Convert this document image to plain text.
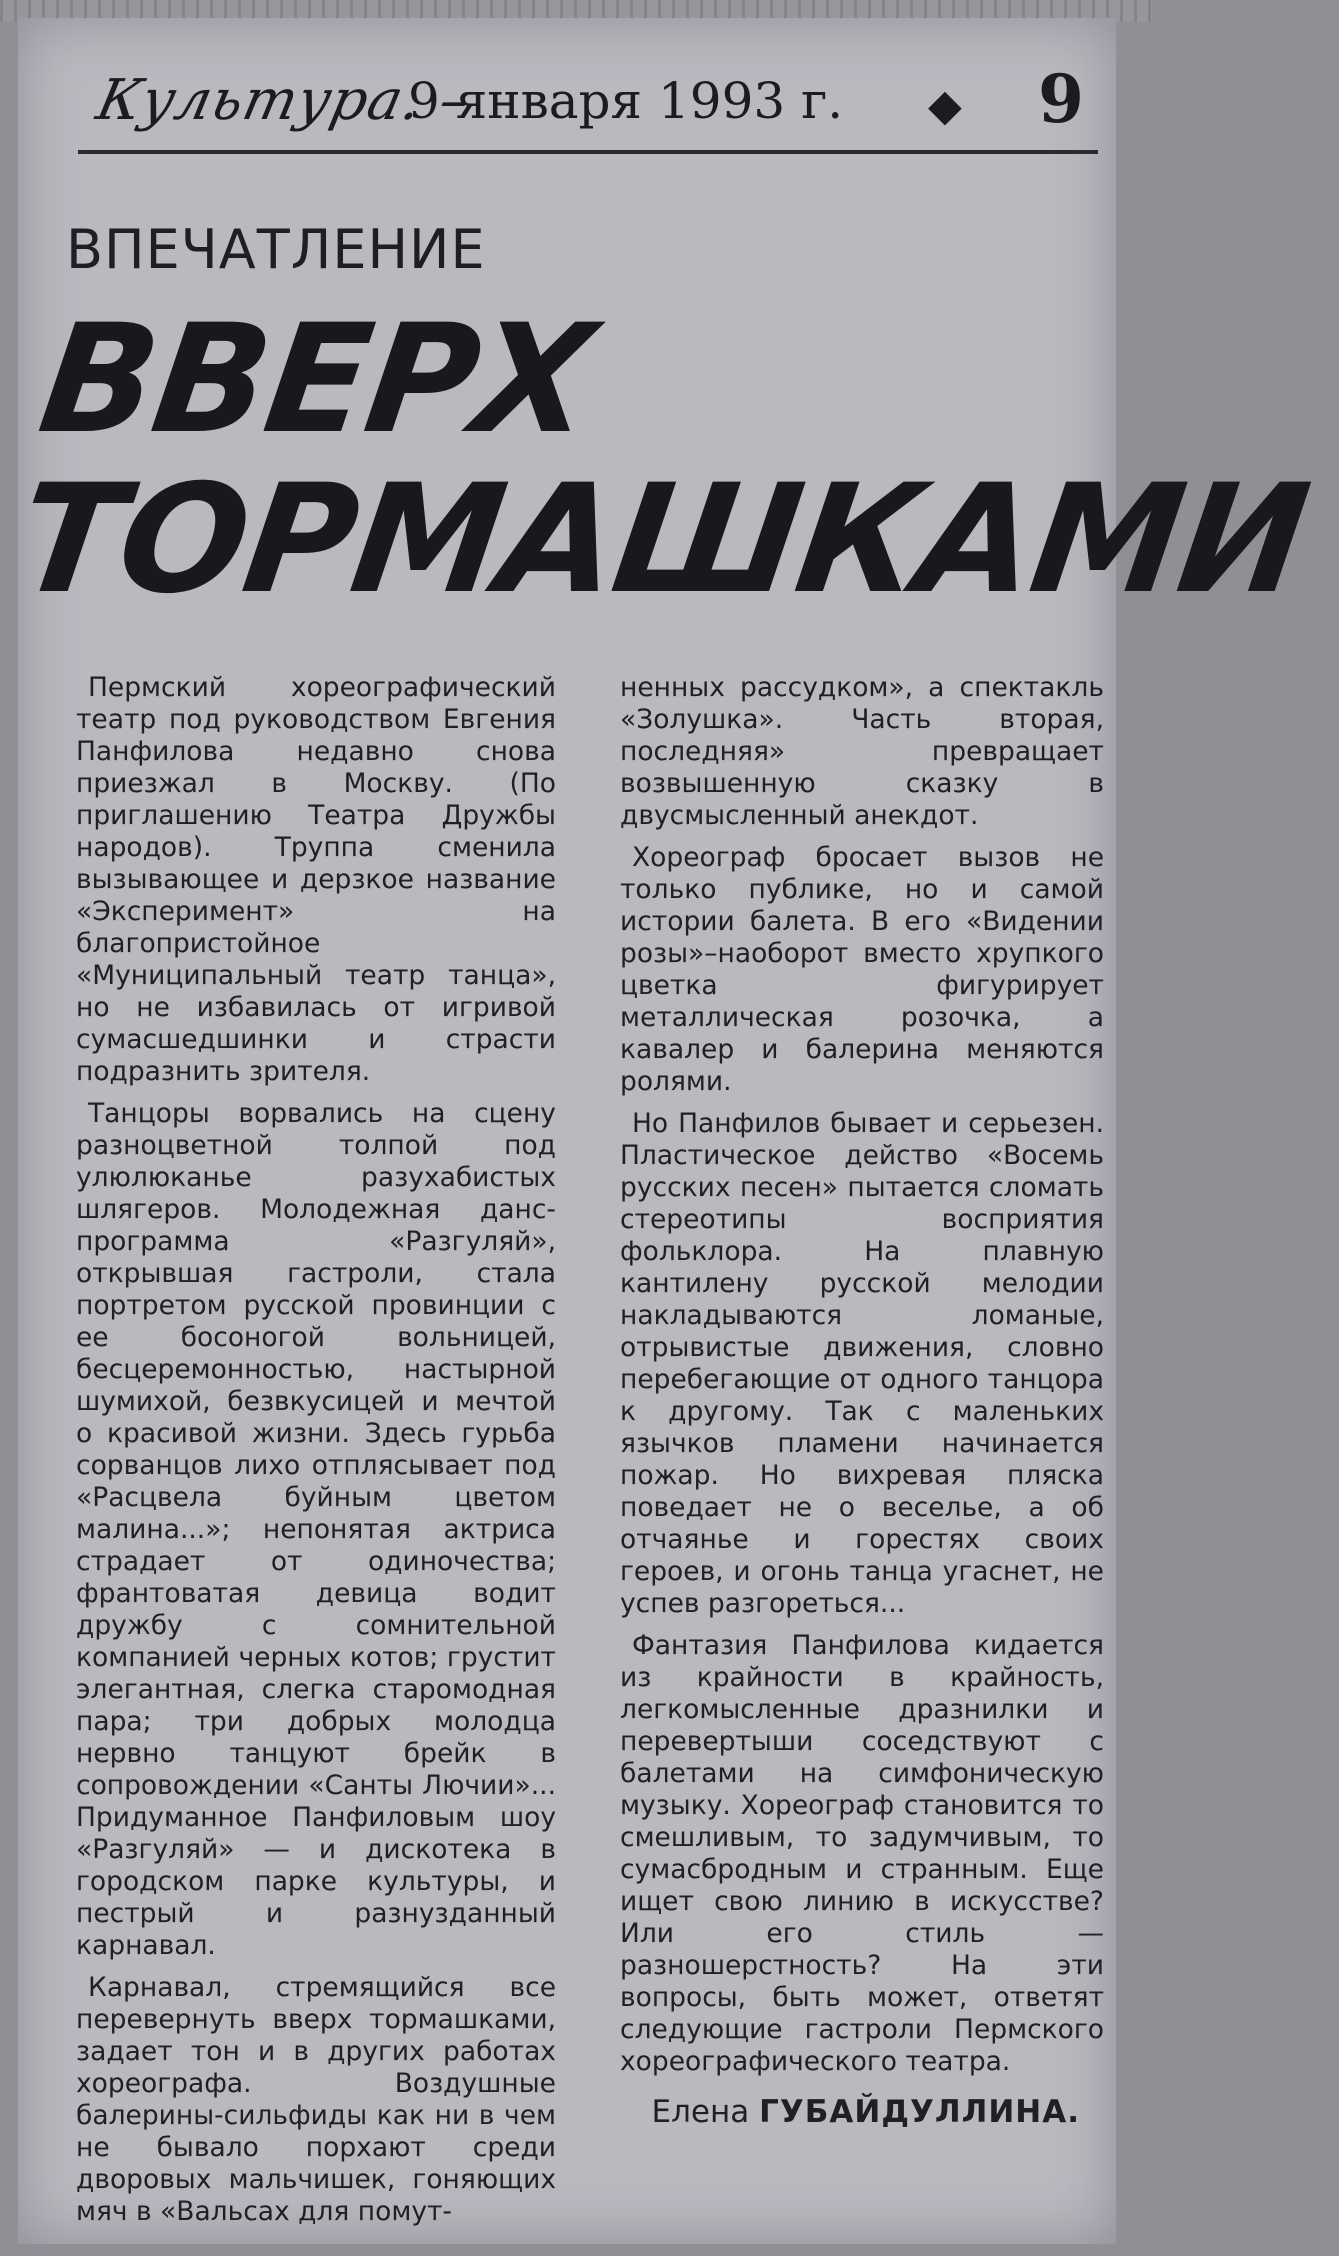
Культура. –
9 января 1993 г. ◆ 9
ВПЕЧАТЛЕНИЕ
ВВЕРХ
ТОРМАШКАМИ

Пермский хореографический театр под руководством Евгения Панфилова недавно снова приезжал в Москву. (По приглашению Театра Дружбы народов). Труппа сменила вызывающее и дерзкое название «Эксперимент» на благопристойное «Муниципальный театр танца», но не избавилась от игривой сумасшедшинки и страсти подразнить зрителя.

Танцоры ворвались на сцену разноцветной толпой под улюлюканье разухабистых шлягеров. Молодежная данс-программа «Разгуляй», открывшая гастроли, стала портретом русской провинции с ее босоногой вольницей, бесцеремонностью, настырной шумихой, безвкусицей и мечтой о красивой жизни. Здесь гурьба сорванцов лихо отплясывает под «Расцвела буйным цветом малина...»; непонятая актриса страдает от одиночества; франтоватая девица водит дружбу с сомнительной компанией черных котов; грустит элегантная, слегка старомодная пара; три добрых молодца нервно танцуют брейк в сопровождении «Санты Лючии»... Придуманное Панфиловым шоу «Разгуляй» — и дискотека в городском парке культуры, и пестрый и разнузданный карнавал.

Карнавал, стремящийся все перевернуть вверх тормашками, задает тон и в других работах хореографа. Воздушные балерины-сильфиды как ни в чем не бывало порхают среди дворовых мальчишек, гоняющих мяч в «Вальсах для помут-

ненных рассудком», а спектакль «Золушка». Часть вторая, последняя» превращает возвышенную сказку в двусмысленный анекдот.

Хореограф бросает вызов не только публике, но и самой истории балета. В его «Видении розы»–наоборот вместо хрупкого цветка фигурирует металлическая розочка, а кавалер и балерина меняются ролями.

Но Панфилов бывает и серьезен. Пластическое действо «Восемь русских песен» пытается сломать стереотипы восприятия фольклора. На плавную кантилену русской мелодии накладываются ломаные, отрывистые движения, словно перебегающие от одного танцора к другому. Так с маленьких язычков пламени начинается пожар. Но вихревая пляска поведает не о веселье, а об отчаянье и горестях своих героев, и огонь танца угаснет, не успев разгореться...

Фантазия Панфилова кидается из крайности в крайность, легкомысленные дразнилки и перевертыши соседствуют с балетами на симфоническую музыку. Хореограф становится то смешливым, то задумчивым, то сумасбродным и странным. Еще ищет свою линию в искусстве? Или его стиль — разношерстность? На эти вопросы, быть может, ответят следующие гастроли Пермского хореографического театра.

Елена ГУБАЙДУЛЛИНА.
